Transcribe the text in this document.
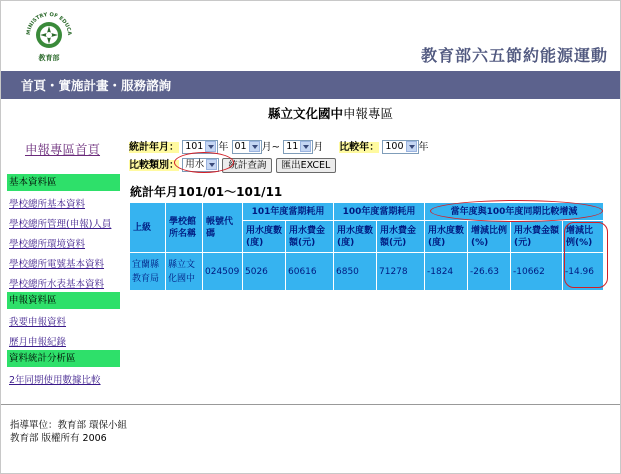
MINISTRY OF EDUCA
教育部	教育部六五節約能源運動
首頁・實施計畫・服務諮詢
縣立文化國中申報專區
申報專區首頁
基本資料區
學校總所基本資料
學校總所管理(申報)人員
學校總所環境資料
學校總所電號基本資料
學校總所水表基本資料
申報資料區
我要申報資料
歷月申報紀錄
資料統計分析區
2年同期使用數據比較
統計年月： 101 年 01 月~ 11 月 比較年： 100 年
比較類別： 用水	統計查詢 匯出EXCEL
統計年月101/01～101/11
上級	學校館所名稱	帳號代碼	101年度當期耗用		100年度當期耗用		當年度與100年度同期比較增減			
			用水度數(度)	用水費金額(元)	用水度數(度)	用水費金額(元)	用水度數(度)	增減比例(%)	用水費金額(元)	增減比例(%)
宜蘭縣教育局	縣立文化國中	024509	5026	60616	6850	71278	-1824	-26.63	-10662	-14.96
指導單位：教育部 環保小組
教育部 版權所有 2006
